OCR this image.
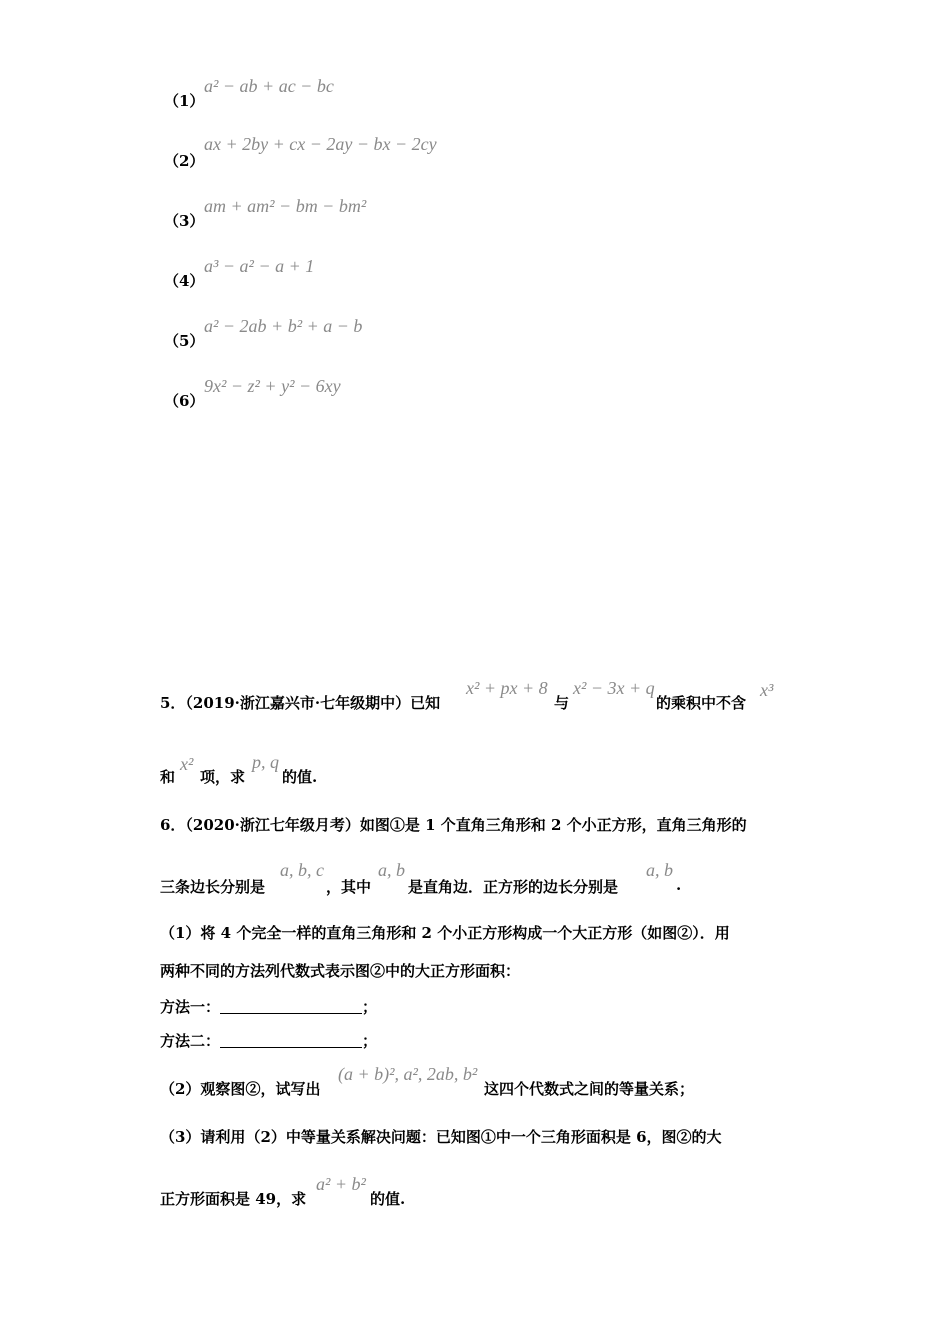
（1）
a² − ab + ac − bc
（2）
ax + 2by + cx − 2ay − bx − 2cy
（3）
am + am² − bm − bm²
（4）
a³ − a² − a + 1
（5）
a² − 2ab + b² + a − b
（6）
9x² − z² + y² − 6xy
5．（2019·浙江嘉兴市·七年级期中）已知
x² + px + 8
与
x² − 3x + q
的乘积中不含
x³
和
x²
项，求
p, q
的值.
6．（2020·浙江七年级月考）如图①是 1 个直角三角形和 2 个小正方形，直角三角形的
三条边长分别是
a, b, c
，其中
a, b
是直角边．正方形的边长分别是
a, b
.
（1）将 4 个完全一样的直角三角形和 2 个小正方形构成一个大正方形（如图②）．用
两种不同的方法列代数式表示图②中的大正方形面积：
方法一：	；
方法二：	；
（2）观察图②，试写出
(a + b)², a², 2ab, b²
这四个代数式之间的等量关系；
（3）请利用（2）中等量关系解决问题：已知图①中一个三角形面积是 6，图②的大
正方形面积是 49，求
a² + b²
的值.
